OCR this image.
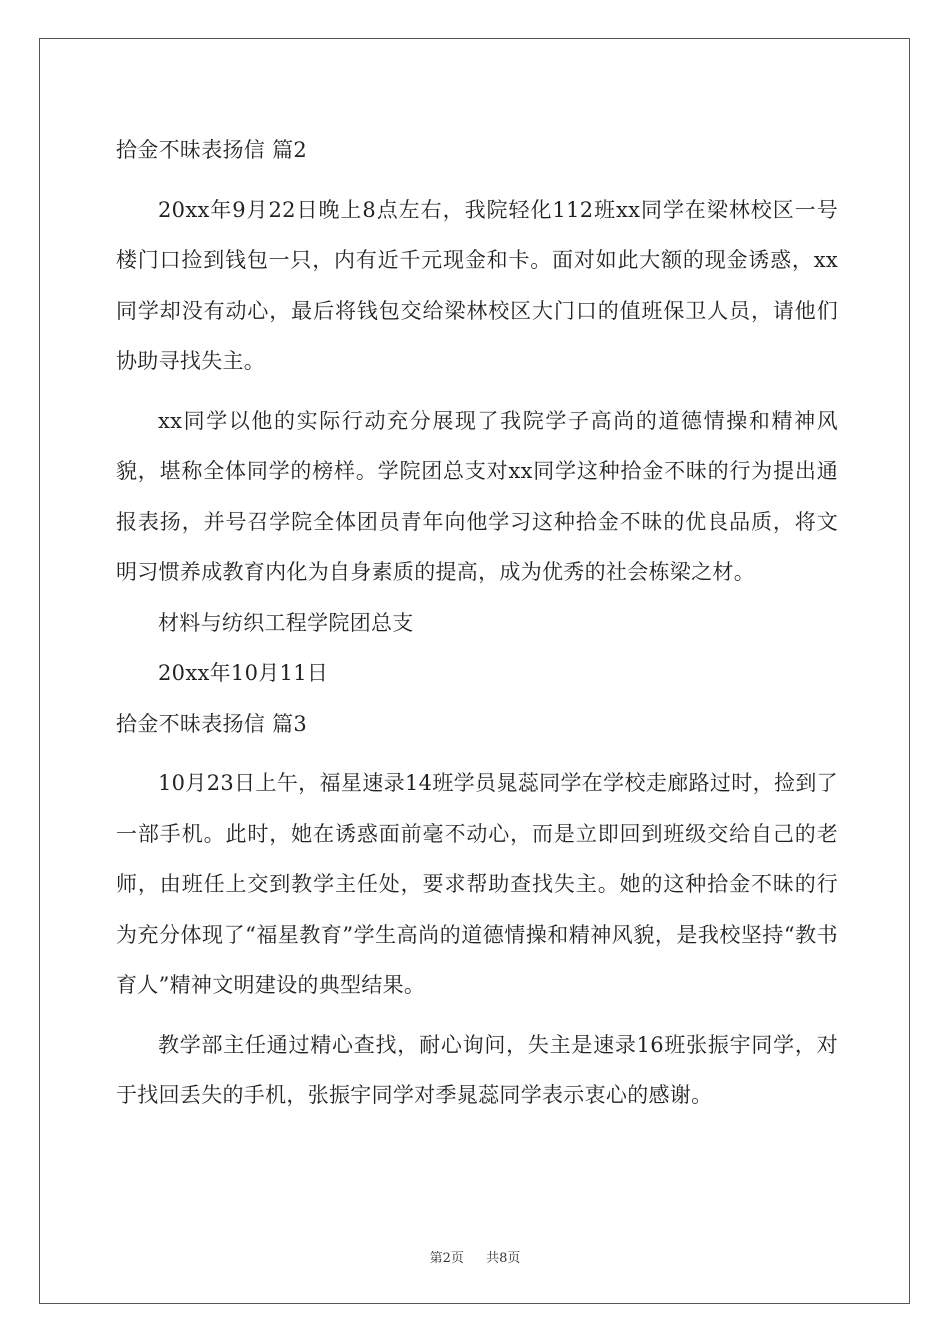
拾金不昧表扬信 篇2
20xx年9月22日晚上8点左右，我院轻化112班xx同学在梁林校区一号楼门口捡到钱包一只，内有近千元现金和卡。面对如此大额的现金诱惑，xx同学却没有动心，最后将钱包交给梁林校区大门口的值班保卫人员，请他们协助寻找失主。
xx同学以他的实际行动充分展现了我院学子高尚的道德情操和精神风貌，堪称全体同学的榜样。学院团总支对xx同学这种拾金不昧的行为提出通报表扬，并号召学院全体团员青年向他学习这种拾金不昧的优良品质，将文明习惯养成教育内化为自身素质的提高，成为优秀的社会栋梁之材。
材料与纺织工程学院团总支
20xx年10月11日
拾金不昧表扬信 篇3
10月23日上午，福星速录14班学员晁蕊同学在学校走廊路过时，捡到了一部手机。此时，她在诱惑面前毫不动心，而是立即回到班级交给自己的老师，由班任上交到教学主任处，要求帮助查找失主。她的这种拾金不昧的行为充分体现了“福星教育”学生高尚的道德情操和精神风貌，是我校坚持“教书育人”精神文明建设的典型结果。
教学部主任通过精心查找，耐心询问，失主是速录16班张振宇同学，对于找回丢失的手机，张振宇同学对季晁蕊同学表示衷心的感谢。
第2页 共8页
